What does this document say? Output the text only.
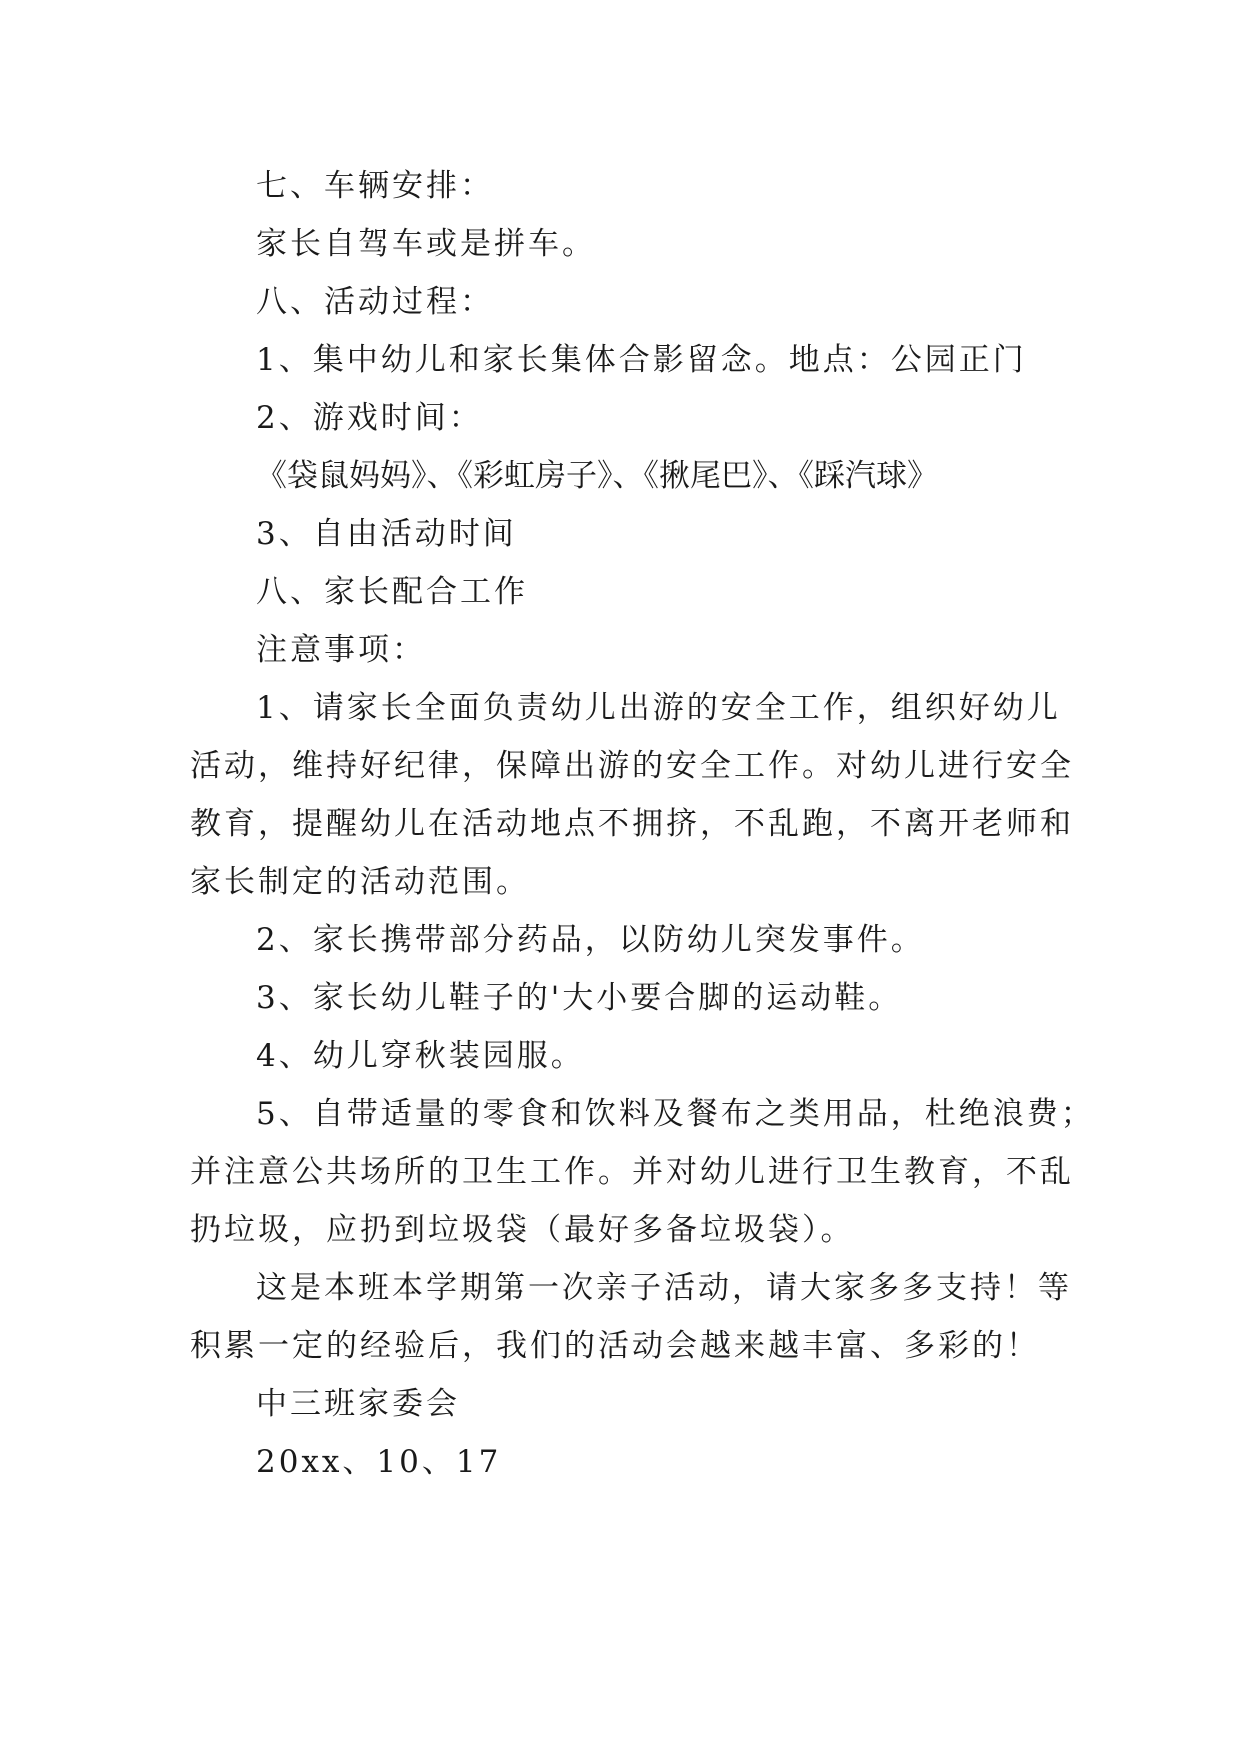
七、车辆安排：
家长自驾车或是拼车。
八、活动过程：
1、集中幼儿和家长集体合影留念。地点：公园正门
2、游戏时间：
《袋鼠妈妈》、《彩虹房子》、《揪尾巴》、《踩汽球》
3、自由活动时间
八、家长配合工作
注意事项：
1、请家长全面负责幼儿出游的安全工作，组织好幼儿
活动，维持好纪律，保障出游的安全工作。对幼儿进行安全
教育，提醒幼儿在活动地点不拥挤，不乱跑，不离开老师和
家长制定的活动范围。
2、家长携带部分药品，以防幼儿突发事件。
3、家长幼儿鞋子的'大小要合脚的运动鞋。
4、幼儿穿秋装园服。
5、自带适量的零食和饮料及餐布之类用品，杜绝浪费；
并注意公共场所的卫生工作。并对幼儿进行卫生教育，不乱
扔垃圾，应扔到垃圾袋（最好多备垃圾袋）。
这是本班本学期第一次亲子活动，请大家多多支持！等
积累一定的经验后，我们的活动会越来越丰富、多彩的！
中三班家委会
20xx、10、17
